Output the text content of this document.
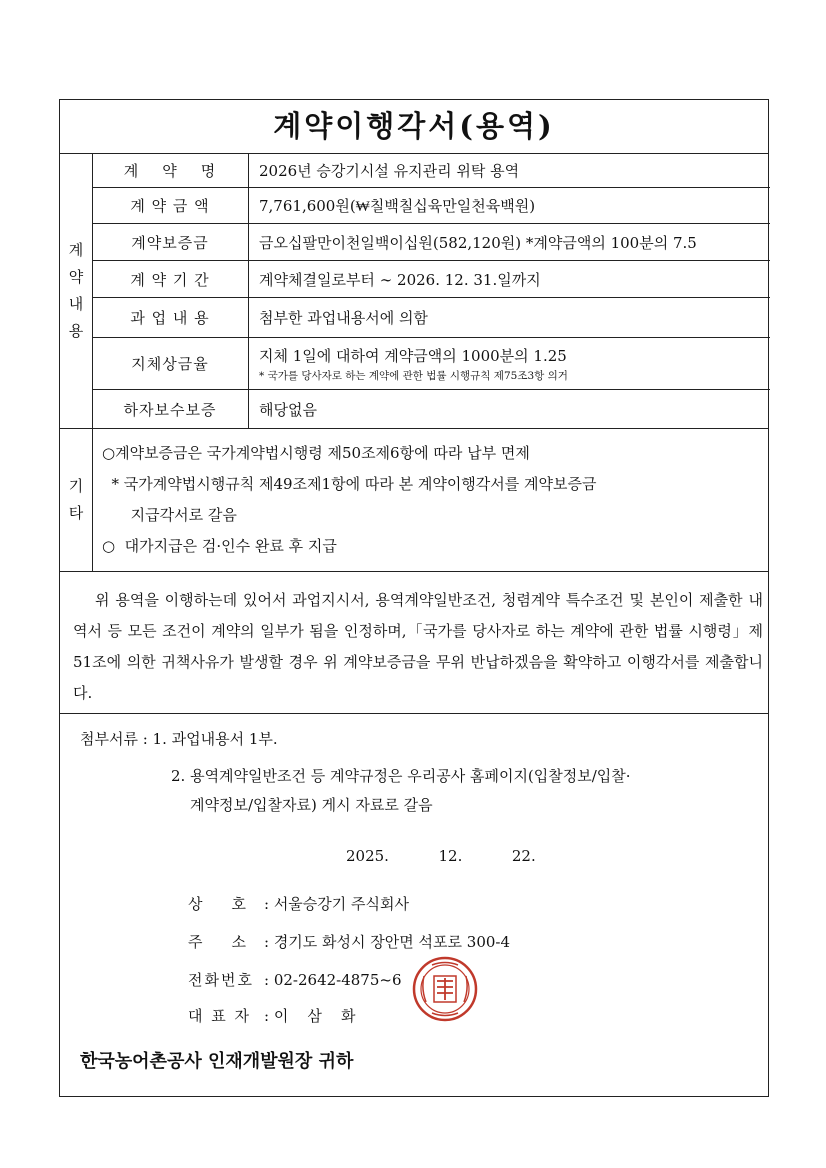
계약이행각서(용역)
계
약
내
용
계    약    명	2026년 승강기시설 유지관리 위탁 용역
계 약 금 액	7,761,600원(₩칠백칠십육만일천육백원)
계약보증금	금오십팔만이천일백이십원(582,120원) *계약금액의 100분의 7.5
계 약 기 간	계약체결일로부터 ∼ 2026. 12. 31.일까지
과 업 내 용	첨부한 과업내용서에 의함
지체상금율	지체 1일에 대하여 계약금액의 1000분의 1.25
* 국가를 당사자로 하는 계약에 관한 법률 시행규칙 제75조3항 의거
하자보수보증	해당없음
기
타
○계약보증금은 국가계약법시행령 제50조제6항에 따라 납부 면제
* 국가계약법시행규칙 제49조제1항에 따라 본 계약이행각서를 계약보증금
지급각서로 갈음
○  대가지급은 검·인수 완료 후 지급
위 용역을 이행하는데 있어서 과업지시서, 용역계약일반조건, 청렴계약 특수조건 및 본인이 제출한 내역서 등 모든 조건이 계약의 일부가 됨을 인정하며,「국가를 당사자로 하는 계약에 관한 법률 시행령」제51조에 의한 귀책사유가 발생할 경우 위 계약보증금을 무위 반납하겠음을 확약하고 이행각서를 제출합니다.
첨부서류 : 1. 과업내용서 1부.
2. 용역계약일반조건 등 계약규정은 우리공사 홈페이지(입찰정보/입찰·
계약정보/입찰자료) 게시 자료로 갈음
2025.  12.  22.
상    호 : 서울승강기 주식회사
주    소 : 경기도 화성시 장안면 석포로 300-4
전화번호 : 02-2642-4875~6
대 표 자 : 이    삼    화
한국농어촌공사 인재개발원장 귀하
